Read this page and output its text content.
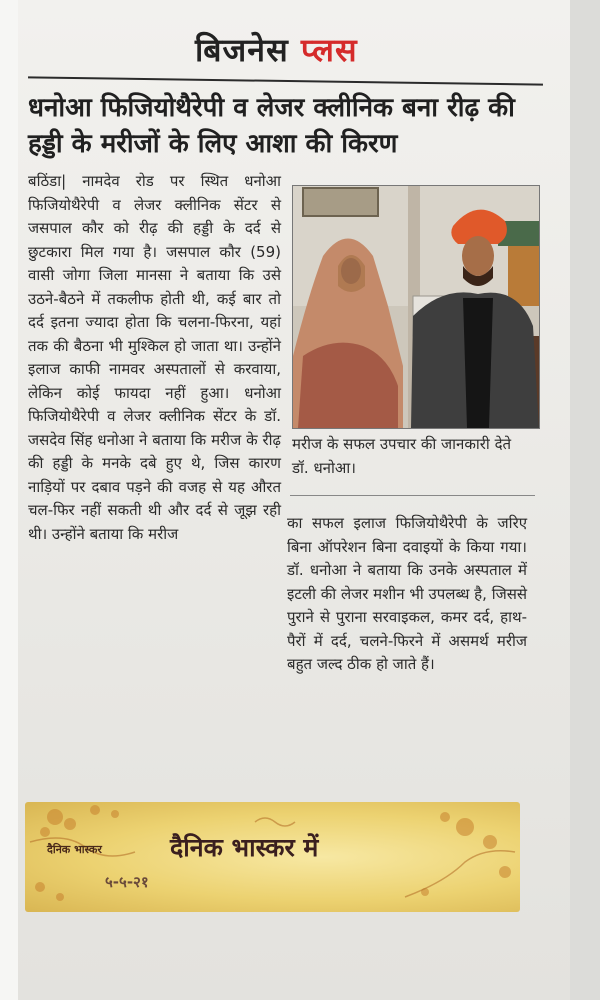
बिजनेस प्लस
धनोआ फिजियोथैरेपी व लेजर क्लीनिक बना रीढ़ की हड्डी के मरीजों के लिए आशा की किरण
बठिंडा| नामदेव रोड पर स्थित धनोआ फिजियोथैरेपी व लेजर क्लीनिक सेंटर से जसपाल कौर को रीढ़ की हड्डी के दर्द से छुटकारा मिल गया है। जसपाल कौर (59) वासी जोगा जिला मानसा ने बताया कि उसे उठने-बैठने में तकलीफ होती थी, कई बार तो दर्द इतना ज्यादा होता कि चलना-फिरना, यहां तक की बैठना भी मुश्किल हो जाता था। उन्होंने इलाज काफी नामवर अस्पतालों से करवाया, लेकिन कोई फायदा नहीं हुआ। धनोआ फिजियोथैरेपी व लेजर क्लीनिक सेंटर के डॉ. जसदेव सिंह धनोआ ने बताया कि मरीज के रीढ़ की हड्डी के मनके दबे हुए थे, जिस कारण नाड़ियों पर दबाव पड़ने की वजह से यह औरत चल-फिर नहीं सकती थी और दर्द से जूझ रही थी। उन्होंने बताया कि मरीज
मरीज के सफल उपचार की जानकारी देते डॉ. धनोआ।
का सफल इलाज फिजियोथैरेपी के जरिए बिना ऑपरेशन बिना दवाइयों के किया गया। डॉ. धनोआ ने बताया कि उनके अस्पताल में इटली की लेजर मशीन भी उपलब्ध है, जिससे पुराने से पुराना सरवाइकल, कमर दर्द, हाथ-पैरों में दर्द, चलने-फिरने में असमर्थ मरीज बहुत जल्द ठीक हो जाते हैं।
दैनिक भास्कर	दैनिक भास्कर में
५-५-२१
